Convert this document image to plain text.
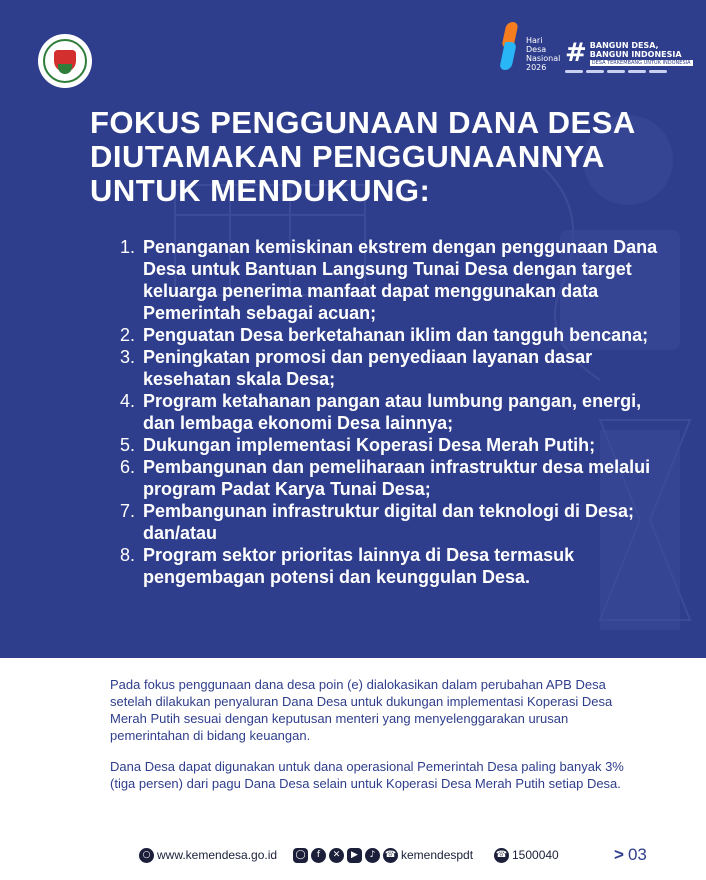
Hari
Desa
Nasional
2026 # BANGUN DESA,
BANGUN INDONESIA
DESA TERKEMBANG UNTUK INDONESIA
FOKUS PENGGUNAAN DANA DESA
DIUTAMAKAN PENGGUNAANNYA
UNTUK MENDUKUNG:
1. Penanganan kemiskinan ekstrem dengan penggunaan Dana Desa untuk Bantuan Langsung Tunai Desa dengan target keluarga penerima manfaat dapat menggunakan data Pemerintah sebagai acuan;
2. Penguatan Desa berketahanan iklim dan tangguh bencana;
3. Peningkatan promosi dan penyediaan layanan dasar kesehatan skala Desa;
4. Program ketahanan pangan atau lumbung pangan, energi, dan lembaga ekonomi Desa lainnya;
5. Dukungan implementasi Koperasi Desa Merah Putih;
6. Pembangunan dan pemeliharaan infrastruktur desa melalui program Padat Karya Tunai Desa;
7. Pembangunan infrastruktur digital dan teknologi di Desa; dan/atau
8. Program sektor prioritas lainnya di Desa termasuk pengembagan potensi dan keunggulan Desa.

Pada fokus penggunaan dana desa poin (e) dialokasikan dalam perubahan APB Desa setelah dilakukan penyaluran Dana Desa untuk dukungan implementasi Koperasi Desa Merah Putih sesuai dengan keputusan menteri yang menyelenggarakan urusan pemerintahan di bidang keuangan.

Dana Desa dapat digunakan untuk dana operasional Pemerintah Desa paling banyak 3% (tiga persen) dari pagu Dana Desa selain untuk Koperasi Desa Merah Putih setiap Desa.

○ www.kemendesa.go.id ◯	f	✕	▶	♪	☎ kemendespdt	☎ 1500040	> 03
